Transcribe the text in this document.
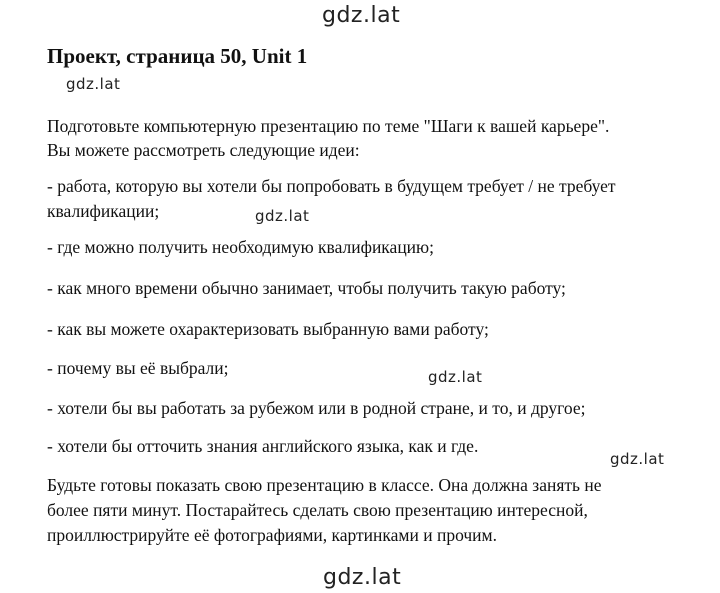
gdz.lat
gdz.lat
gdz.lat
gdz.lat
gdz.lat
gdz.lat
Проект, страница 50, Unit 1

Подготовьте компьютерную презентацию по теме "Шаги к вашей карьере".

Вы можете рассмотреть следующие идеи:

- работа, которую вы хотели бы попробовать в будущем требует / не требует

квалификации;

- где можно получить необходимую квалификацию;

- как много времени обычно занимает, чтобы получить такую работу;

- как вы можете охарактеризовать выбранную вами работу;

- почему вы её выбрали;

- хотели бы вы работать за рубежом или в родной стране, и то, и другое;

- хотели бы отточить знания английского языка, как и где.

Будьте готовы показать свою презентацию в классе. Она должна занять не

более пяти минут. Постарайтесь сделать свою презентацию интересной,

проиллюстрируйте её фотографиями, картинками и прочим.
